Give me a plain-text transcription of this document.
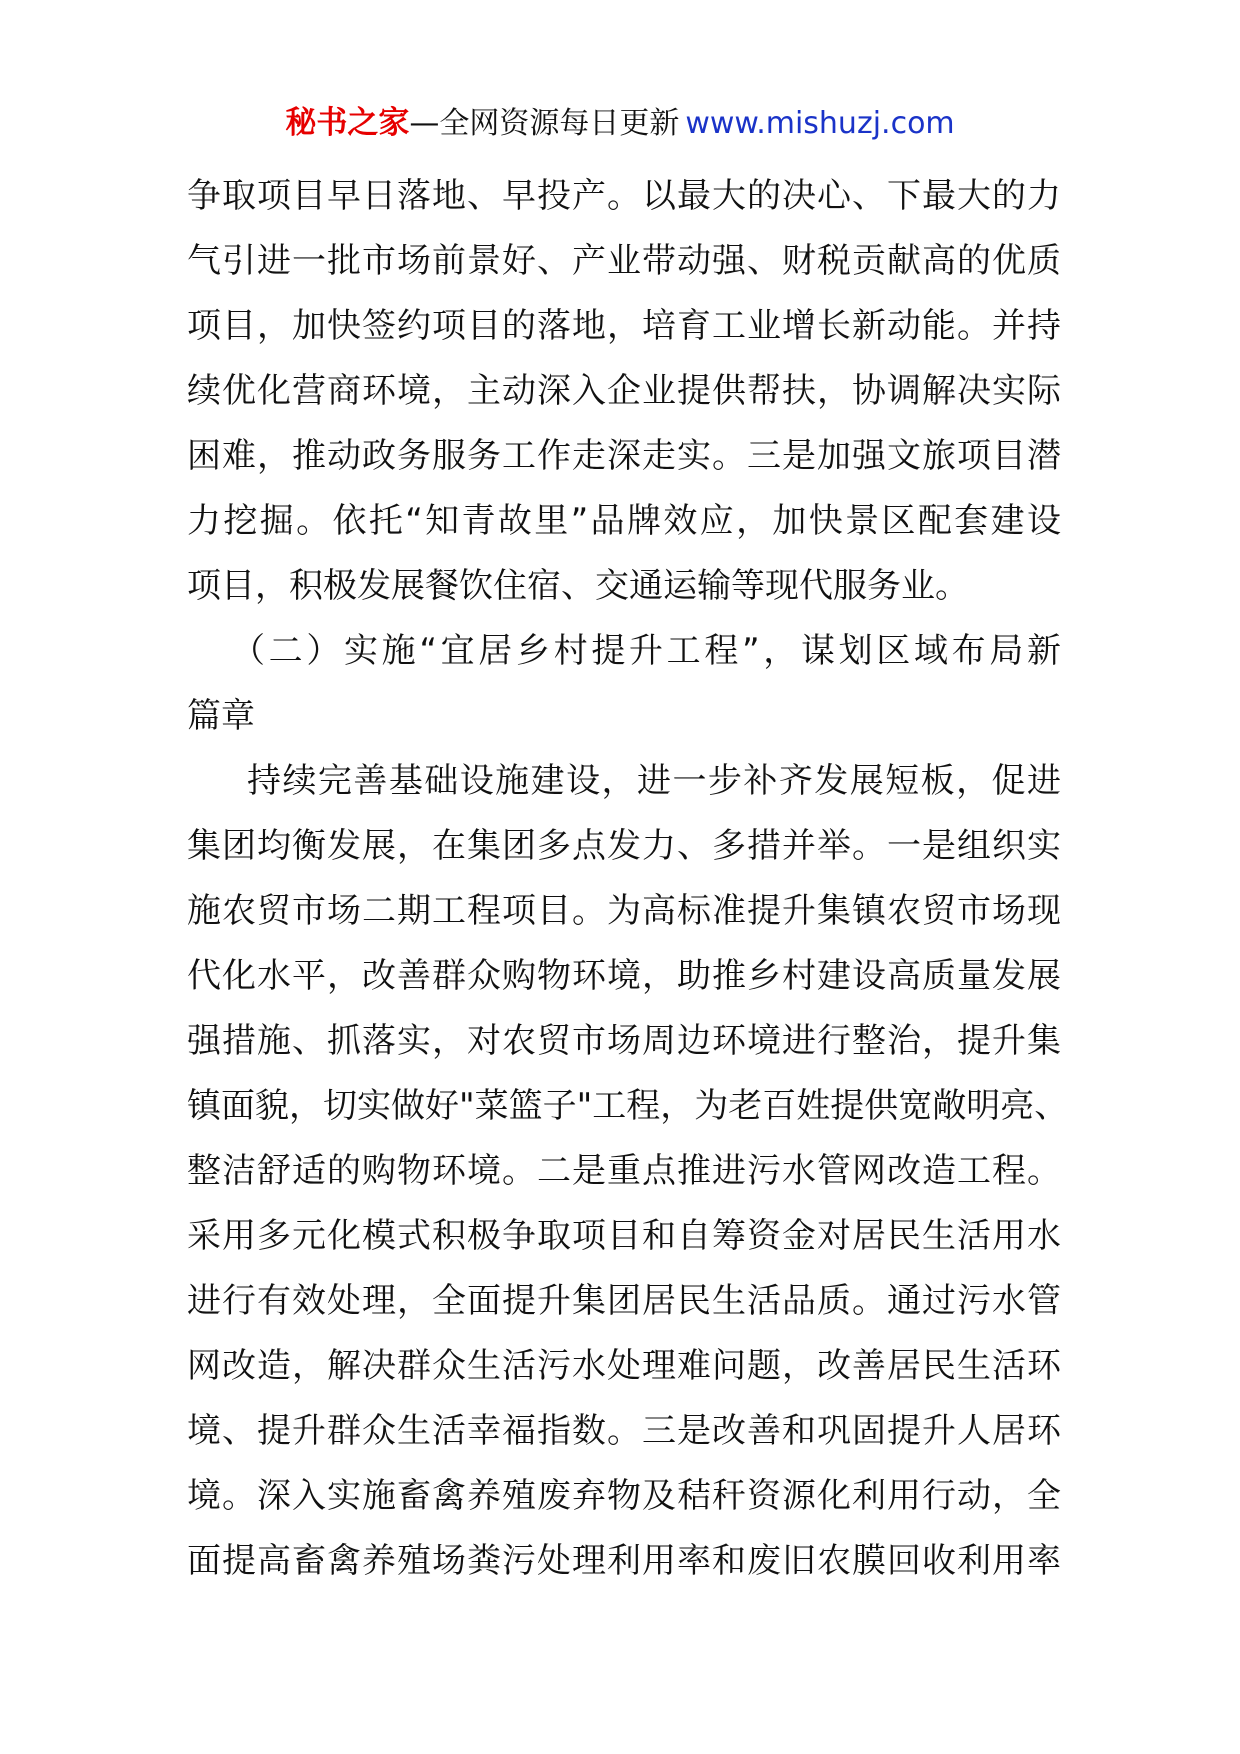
秘书之家—全网资源每日更新 www.mishuzj.com
争取项目早日落地、早投产。以最大的决心、下最大的力
气引进一批市场前景好、产业带动强、财税贡献高的优质
项目，加快签约项目的落地，培育工业增长新动能。并持
续优化营商环境，主动深入企业提供帮扶，协调解决实际
困难，推动政务服务工作走深走实。三是加强文旅项目潜
力挖掘。依托“知青故里”品牌效应，加快景区配套建设
项目，积极发展餐饮住宿、交通运输等现代服务业。
（二）实施“宜居乡村提升工程”，谋划区域布局新
篇章
持续完善基础设施建设，进一步补齐发展短板，促进
集团均衡发展，在集团多点发力、多措并举。一是组织实
施农贸市场二期工程项目。为高标准提升集镇农贸市场现
代化水平，改善群众购物环境，助推乡村建设高质量发展
强措施、抓落实，对农贸市场周边环境进行整治，提升集
镇面貌，切实做好"菜篮子"工程，为老百姓提供宽敞明亮、
整洁舒适的购物环境。二是重点推进污水管网改造工程。
采用多元化模式积极争取项目和自筹资金对居民生活用水
进行有效处理，全面提升集团居民生活品质。通过污水管
网改造，解决群众生活污水处理难问题，改善居民生活环
境、提升群众生活幸福指数。三是改善和巩固提升人居环
境。深入实施畜禽养殖废弃物及秸秆资源化利用行动，全
面提高畜禽养殖场粪污处理利用率和废旧农膜回收利用率
